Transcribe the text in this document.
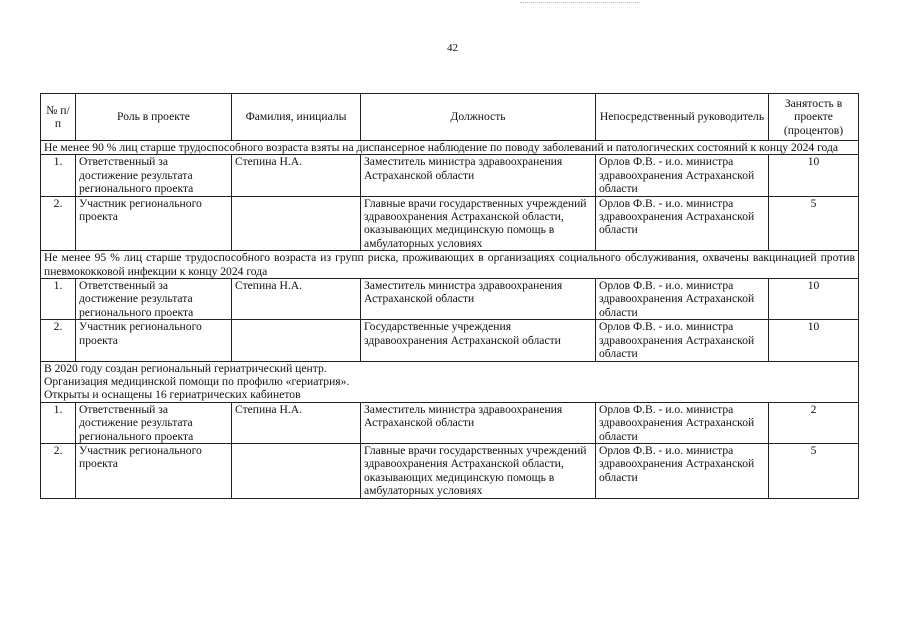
42
№ п/п	Роль в проекте	Фамилия, инициалы	Должность	Непосредственный руководитель	Занятость в проекте (процентов)
Не менее 90 % лиц старше трудоспособного возраста взяты на диспансерное наблюдение по поводу заболеваний и патологических состояний к концу 2024 года					
1.	Ответственный за достижение результата регионального проекта	Степина Н.А.	Заместитель министра здравоохранения Астраханской области	Орлов Ф.В. - и.о. министра здравоохранения Астраханской области	10
2.	Участник регионального проекта		Главные врачи государственных учреждений здравоохранения Астраханской области, оказывающих медицинскую помощь в амбулаторных условиях	Орлов Ф.В. - и.о. министра здравоохранения Астраханской области	5
Не менее 95 % лиц старше трудоспособного возраста из групп риска, проживающих в организациях социального обслуживания, охвачены вакцинацией против пневмококковой инфекции к концу 2024 года					
1.	Ответственный за достижение результата регионального проекта	Степина Н.А.	Заместитель министра здравоохранения Астраханской области	Орлов Ф.В. - и.о. министра здравоохранения Астраханской области	10
2.	Участник регионального проекта		Государственные учреждения здравоохранения Астраханской области	Орлов Ф.В. - и.о. министра здравоохранения Астраханской области	10

В 2020 году создан региональный гериатрический центр.
Организация медицинской помощи по профилю «гериатрия».
Открыты и оснащены 16 гериатрических кабинетов					

1.	Ответственный за достижение результата регионального проекта	Степина Н.А.	Заместитель министра здравоохранения Астраханской области	Орлов Ф.В. - и.о. министра здравоохранения Астраханской области	2
2.	Участник регионального проекта		Главные врачи государственных учреждений здравоохранения Астраханской области, оказывающих медицинскую помощь в амбулаторных условиях	Орлов Ф.В. - и.о. министра здравоохранения Астраханской области	5
